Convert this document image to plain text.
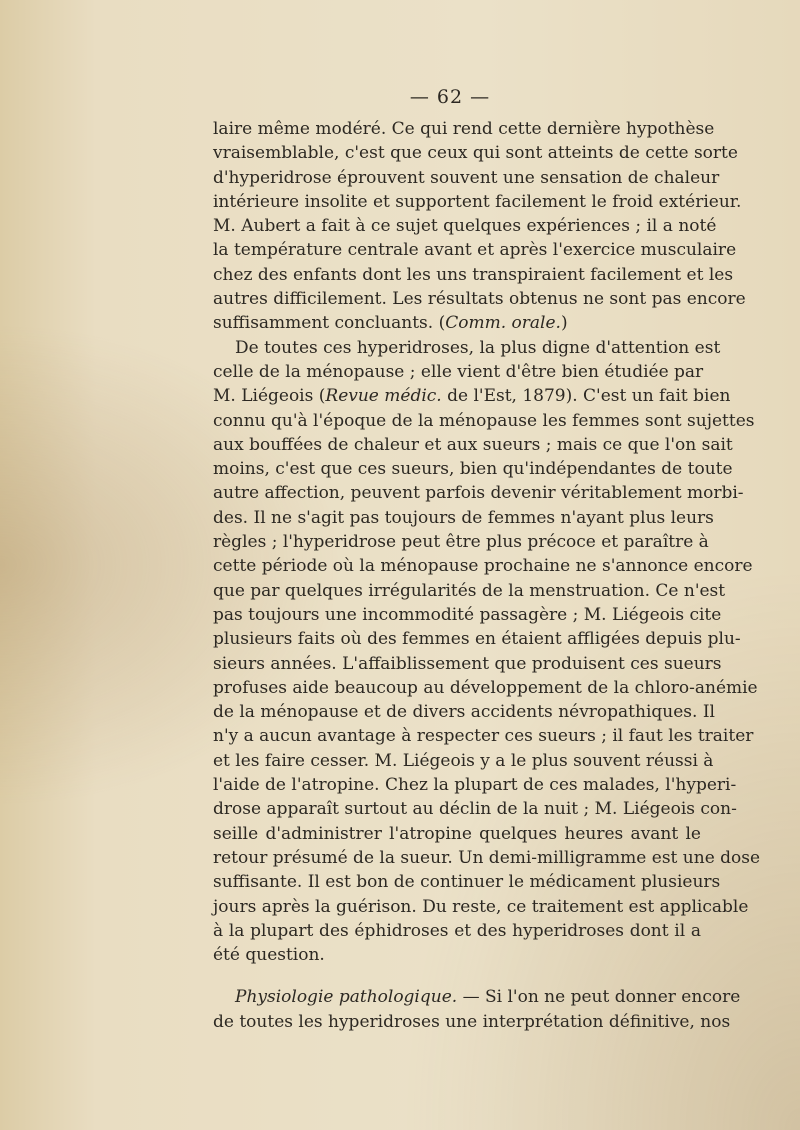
— 62 —
laire même modéré. Ce qui rend cette dernière hypothèse
vraisemblable, c'est que ceux qui sont atteints de cette sorte
d'hyperidrose éprouvent souvent une sensation de chaleur
intérieure insolite et supportent facilement le froid extérieur.
M. Aubert a fait à ce sujet quelques expériences ; il a noté
la température centrale avant et après l'exercice musculaire
chez des enfants dont les uns transpiraient facilement et les
autres difficilement. Les résultats obtenus ne sont pas encore
suffisamment concluants. (Comm. orale.)
De toutes ces hyperidroses, la plus digne d'attention est
celle de la ménopause ; elle vient d'être bien étudiée par
M. Liégeois (Revue médic. de l'Est, 1879). C'est un fait bien
connu qu'à l'époque de la ménopause les femmes sont sujettes
aux bouffées de chaleur et aux sueurs ; mais ce que l'on sait
moins, c'est que ces sueurs, bien qu'indépendantes de toute
autre affection, peuvent parfois devenir véritablement morbi-
des. Il ne s'agit pas toujours de femmes n'ayant plus leurs
règles ; l'hyperidrose peut être plus précoce et paraître à
cette période où la ménopause prochaine ne s'annonce encore
que par quelques irrégularités de la menstruation. Ce n'est
pas toujours une incommodité passagère ; M. Liégeois cite
plusieurs faits où des femmes en étaient affligées depuis plu-
sieurs années. L'affaiblissement que produisent ces sueurs
profuses aide beaucoup au développement de la chloro-anémie
de la ménopause et de divers accidents névropathiques. Il
n'y a aucun avantage à respecter ces sueurs ; il faut les traiter
et les faire cesser. M. Liégeois y a le plus souvent réussi à
l'aide de l'atropine. Chez la plupart de ces malades, l'hyperi-
drose apparaît surtout au déclin de la nuit ; M. Liégeois con-
seille d'administrer l'atropine quelques heures avant le
retour présumé de la sueur. Un demi-milligramme est une dose
suffisante. Il est bon de continuer le médicament plusieurs
jours après la guérison. Du reste, ce traitement est applicable
à la plupart des éphidroses et des hyperidroses dont il a
été question.
Physiologie pathologique. — Si l'on ne peut donner encore
de toutes les hyperidroses une interprétation définitive, nos
